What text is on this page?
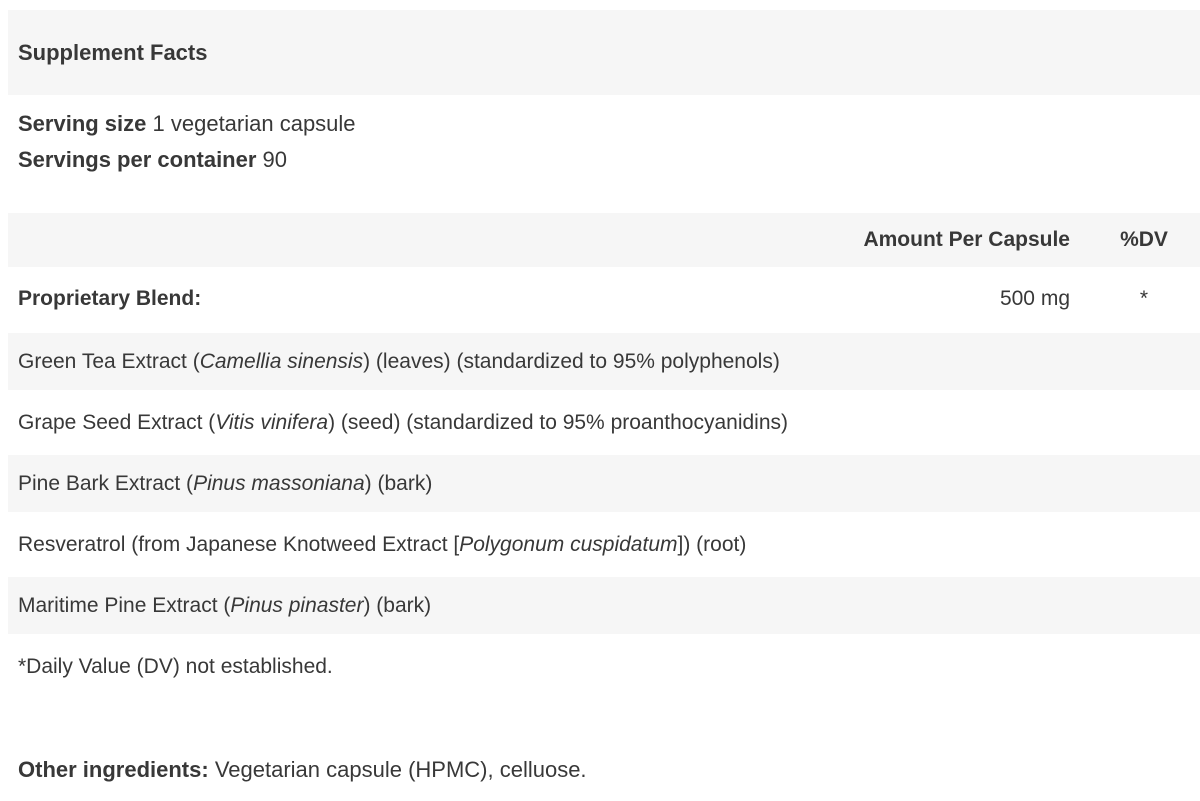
Supplement Facts
Serving size 1 vegetarian capsule
Servings per container 90
Amount Per Capsule %DV
Proprietary Blend:	500 mg	*
Green Tea Extract (Camellia sinensis) (leaves) (standardized to 95% polyphenols)
Grape Seed Extract (Vitis vinifera) (seed) (standardized to 95% proanthocyanidins)
Pine Bark Extract (Pinus massoniana) (bark)
Resveratrol (from Japanese Knotweed Extract [Polygonum cuspidatum]) (root)
Maritime Pine Extract (Pinus pinaster) (bark)
*Daily Value (DV) not established.
Other ingredients: Vegetarian capsule (HPMC), celluose.
